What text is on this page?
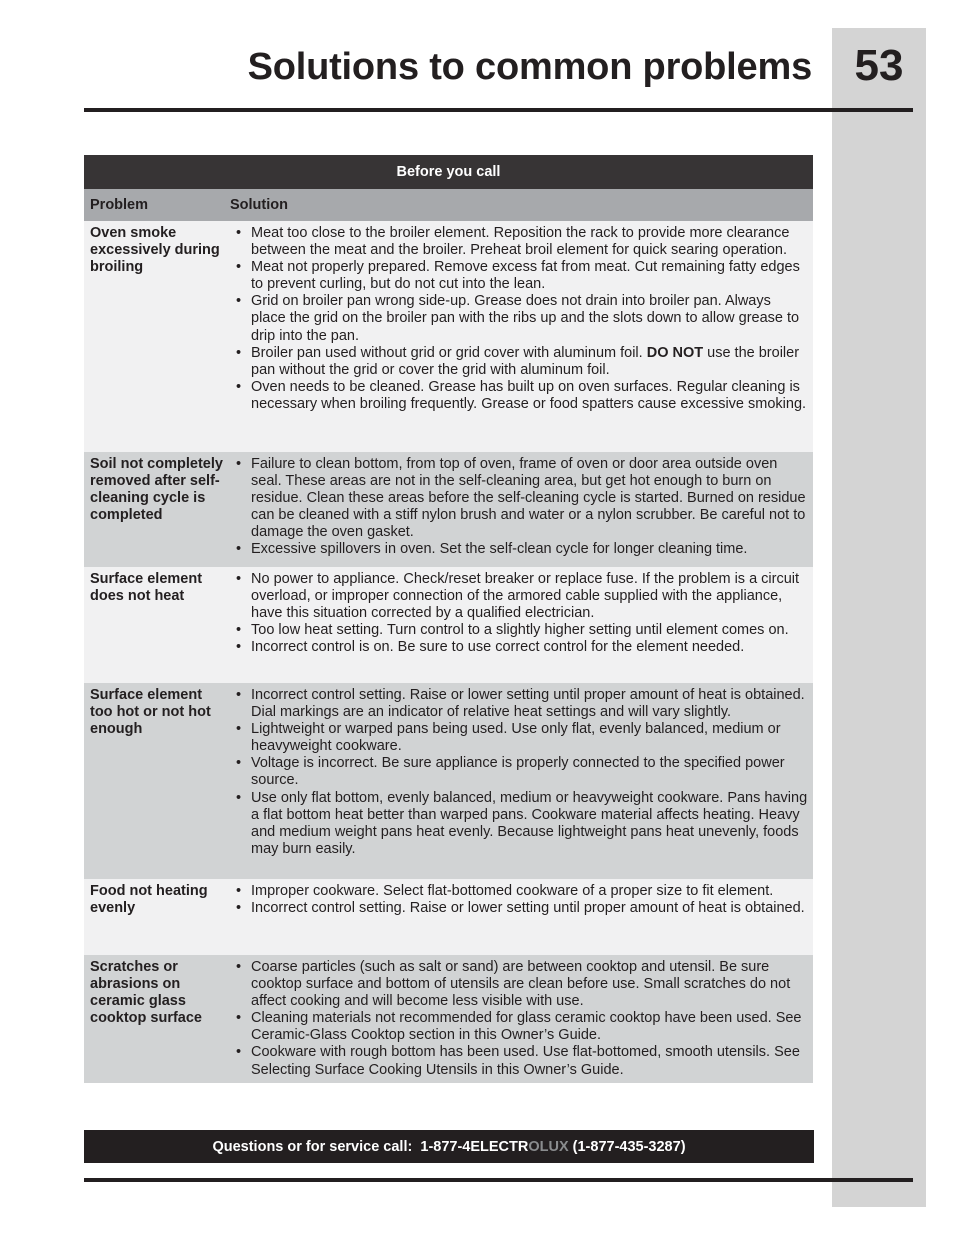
53
Solutions to common problems
Before you call
Problem	Solution
Oven smoke excessively during broiling
• Meat too close to the broiler element. Reposition the rack to provide more clearance between the meat and the broiler. Preheat broil element for quick searing operation.
• Meat not properly prepared. Remove excess fat from meat. Cut remaining fatty edges to prevent curling, but do not cut into the lean.
• Grid on broiler pan wrong side-up. Grease does not drain into broiler pan. Always place the grid on the broiler pan with the ribs up and the slots down to allow grease to drip into the pan.
• Broiler pan used without grid or grid cover with aluminum foil. DO NOT use the broiler pan without the grid or cover the grid with aluminum foil.
• Oven needs to be cleaned. Grease has built up on oven surfaces. Regular cleaning is necessary when broiling frequently. Grease or food spatters cause excessive smoking.
Soil not completely removed after self-cleaning cycle is completed
• Failure to clean bottom, from top of oven, frame of oven or door area outside oven seal. These areas are not in the self-cleaning area, but get hot enough to burn on residue. Clean these areas before the self-cleaning cycle is started. Burned on residue can be cleaned with a stiff nylon brush and water or a nylon scrubber. Be careful not to damage the oven gasket.
• Excessive spillovers in oven. Set the self-clean cycle for longer cleaning time.
Surface element does not heat
• No power to appliance. Check/reset breaker or replace fuse. If the problem is a circuit overload, or improper connection of the armored cable supplied with the appliance, have this situation corrected by a qualified electrician.
• Too low heat setting. Turn control to a slightly higher setting until element comes on.
• Incorrect control is on. Be sure to use correct control for the element needed.
Surface element too hot or not hot enough
• Incorrect control setting. Raise or lower setting until proper amount of heat is obtained. Dial markings are an indicator of relative heat settings and will vary slightly.
• Lightweight or warped pans being used. Use only flat, evenly balanced, medium or heavyweight cookware.
• Voltage is incorrect. Be sure appliance is properly connected to the specified power source.
• Use only flat bottom, evenly balanced, medium or heavyweight cookware. Pans having a flat bottom heat better than warped pans. Cookware material affects heating. Heavy and medium weight pans heat evenly. Because lightweight pans heat unevenly, foods may burn easily.
Food not heating evenly
• Improper cookware. Select flat-bottomed cookware of a proper size to fit element.
• Incorrect control setting. Raise or lower setting until proper amount of heat is obtained.
Scratches or abrasions on ceramic glass cooktop surface
• Coarse particles (such as salt or sand) are between cooktop and utensil. Be sure cooktop surface and bottom of utensils are clean before use. Small scratches do not affect cooking and will become less visible with use.
• Cleaning materials not recommended for glass ceramic cooktop have been used. See Ceramic-Glass Cooktop section in this Owner’s Guide.
• Cookware with rough bottom has been used. Use flat-bottomed, smooth utensils. See Selecting Surface Cooking Utensils in this Owner’s Guide.
Questions or for service call:  1-877-4ELECTR OLUX (1-877-435-3287)
